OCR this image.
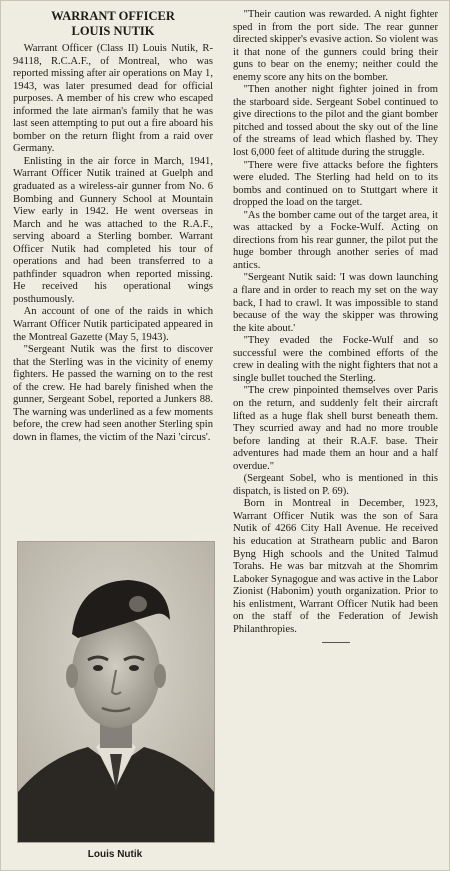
WARRANT OFFICER
LOUIS NUTIK

Warrant Officer (Class II) Louis Nutik, R-94118, R.C.A.F., of Montreal, who was reported missing after air operations on May 1, 1943, was later presumed dead for official purposes. A member of his crew who escaped informed the late airman's family that he was last seen attempting to put out a fire aboard his bomber on the return flight from a raid over Germany.

Enlisting in the air force in March, 1941, Warrant Officer Nutik trained at Guelph and graduated as a wireless-air gunner from No. 6 Bombing and Gunnery School at Mountain View early in 1942. He went overseas in March and he was attached to the R.A.F., serving aboard a Sterling bomber. Warrant Officer Nutik had completed his tour of operations and had been transferred to a pathfinder squadron when reported missing. He received his operational wings posthumously.

An account of one of the raids in which Warrant Officer Nutik participated appeared in the Montreal Gazette (May 5, 1943).

"Sergeant Nutik was the first to discover that the Sterling was in the vicinity of enemy fighters. He passed the warning on to the rest of the crew. He had barely finished when the gunner, Sergeant Sobel, reported a Junkers 88. The warning was underlined as a few moments before, the crew had seen another Sterling spin down in flames, the victim of the Nazi 'circus'.

Louis Nutik

"Their caution was rewarded. A night fighter sped in from the port side. The rear gunner directed skipper's evasive action. So violent was it that none of the gunners could bring their guns to bear on the enemy; neither could the enemy score any hits on the bomber.

"Then another night fighter joined in from the starboard side. Sergeant Sobel continued to give directions to the pilot and the giant bomber pitched and tossed about the sky out of the line of the streams of lead which flashed by. They lost 6,000 feet of altitude during the struggle.

"There were five attacks before the fighters were eluded. The Sterling had held on to its bombs and continued on to Stuttgart where it dropped the load on the target.

"As the bomber came out of the target area, it was attacked by a Focke-Wulf. Acting on directions from his rear gunner, the pilot put the huge bomber through another series of mad antics.

"Sergeant Nutik said: 'I was down launching a flare and in order to reach my set on the way back, I had to crawl. It was impossible to stand because of the way the skipper was throwing the kite about.'

"They evaded the Focke-Wulf and so successful were the combined efforts of the crew in dealing with the night fighters that not a single bullet touched the Sterling.

"The crew pinpointed themselves over Paris on the return, and suddenly felt their aircraft lifted as a huge flak shell burst beneath them. They scurried away and had no more trouble before landing at their R.A.F. base. Their adventures had made them an hour and a half overdue."

(Sergeant Sobel, who is mentioned in this dispatch, is listed on P. 69).

Born in Montreal in December, 1923, Warrant Officer Nutik was the son of Sara Nutik of 4266 City Hall Avenue. He received his education at Strathearn public and Baron Byng High schools and the United Talmud Torahs. He was bar mitzvah at the Shomrim Laboker Synagogue and was active in the Labor Zionist (Habonim) youth organization. Prior to his enlistment, Warrant Officer Nutik had been on the staff of the Federation of Jewish Philanthropies.
